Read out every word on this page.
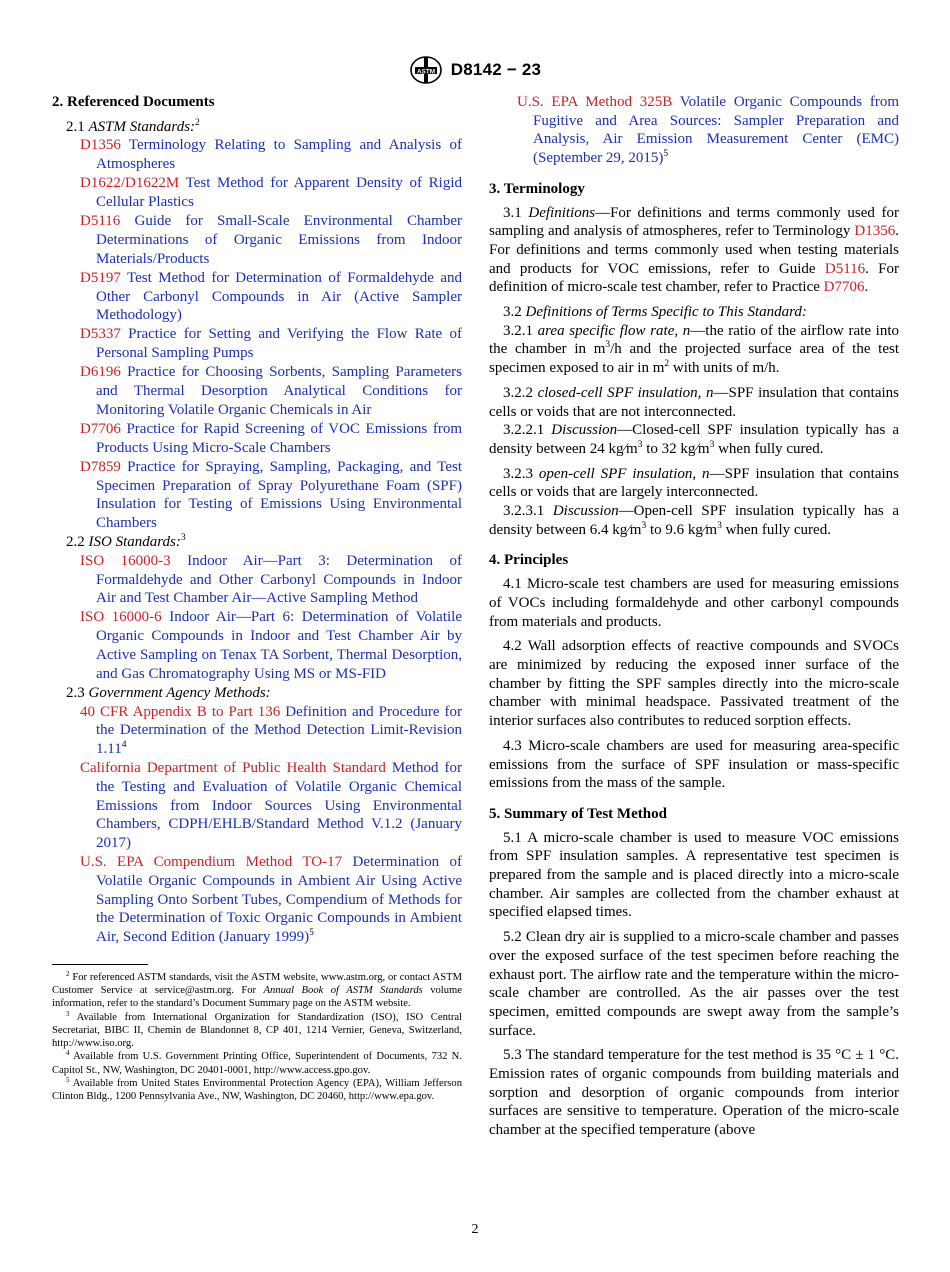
ASTM D8142 − 23
2. Referenced Documents
2.1 ASTM Standards:$^2$
D1356 Terminology Relating to Sampling and Analysis of Atmospheres
D1622/D1622M Test Method for Apparent Density of Rigid Cellular Plastics
D5116 Guide for Small-Scale Environmental Chamber Determinations of Organic Emissions from Indoor Materials/Products
D5197 Test Method for Determination of Formaldehyde and Other Carbonyl Compounds in Air (Active Sampler Methodology)
D5337 Practice for Setting and Verifying the Flow Rate of Personal Sampling Pumps
D6196 Practice for Choosing Sorbents, Sampling Parameters and Thermal Desorption Analytical Conditions for Monitoring Volatile Organic Chemicals in Air
D7706 Practice for Rapid Screening of VOC Emissions from Products Using Micro-Scale Chambers
D7859 Practice for Spraying, Sampling, Packaging, and Test Specimen Preparation of Spray Polyurethane Foam (SPF) Insulation for Testing of Emissions Using Environmental Chambers
2.2 ISO Standards:$^3$
ISO 16000-3 Indoor Air—Part 3: Determination of Formaldehyde and Other Carbonyl Compounds in Indoor Air and Test Chamber Air—Active Sampling Method
ISO 16000-6 Indoor Air—Part 6: Determination of Volatile Organic Compounds in Indoor and Test Chamber Air by Active Sampling on Tenax TA Sorbent, Thermal Desorption, and Gas Chromatography Using MS or MS-FID
2.3 Government Agency Methods:
40 CFR Appendix B to Part 136 Definition and Procedure for the Determination of the Method Detection Limit-Revision 1.11$^4$
California Department of Public Health Standard Method for the Testing and Evaluation of Volatile Organic Chemical Emissions from Indoor Sources Using Environmental Chambers, CDPH/EHLB/Standard Method V.1.2 (January 2017)
U.S. EPA Compendium Method TO-17 Determination of Volatile Organic Compounds in Ambient Air Using Active Sampling Onto Sorbent Tubes, Compendium of Methods for the Determination of Toxic Organic Compounds in Ambient Air, Second Edition (January 1999)$^5$

$^2$ For referenced ASTM standards, visit the ASTM website, www.astm.org, or contact ASTM Customer Service at service@astm.org. For Annual Book of ASTM Standards volume information, refer to the standard’s Document Summary page on the ASTM website.

$^3$ Available from International Organization for Standardization (ISO), ISO Central Secretariat, BIBC II, Chemin de Blandonnet 8, CP 401, 1214 Vernier, Geneva, Switzerland, http://www.iso.org.

$^4$ Available from U.S. Government Printing Office, Superintendent of Documents, 732 N. Capitol St., NW, Washington, DC 20401-0001, http://www.access.gpo.gov.

$^5$ Available from United States Environmental Protection Agency (EPA), William Jefferson Clinton Bldg., 1200 Pennsylvania Ave., NW, Washington, DC 20460, http://www.epa.gov.

U.S. EPA Method 325B Volatile Organic Compounds from Fugitive and Area Sources: Sampler Preparation and Analysis, Air Emission Measurement Center (EMC) (September 29, 2015)$^5$
3. Terminology

3.1 Definitions—For definitions and terms commonly used for sampling and analysis of atmospheres, refer to Terminology D1356. For definitions and terms commonly used when testing materials and products for VOC emissions, refer to Guide D5116. For definition of micro-scale test chamber, refer to Practice D7706.

3.2 Definitions of Terms Specific to This Standard:

3.2.1 area specific flow rate, n—the ratio of the airflow rate into the chamber in $m^3/h$ and the projected surface area of the test specimen exposed to air in $m^2$ with units of m/h.

3.2.2 closed-cell SPF insulation, n—SPF insulation that contains cells or voids that are not interconnected.

3.2.2.1 Discussion—Closed-cell SPF insulation typically has a density between 24 $kg⁄m^3$ to 32 $kg⁄m^3$ when fully cured.

3.2.3 open-cell SPF insulation, n—SPF insulation that contains cells or voids that are largely interconnected.

3.2.3.1 Discussion—Open-cell SPF insulation typically has a density between 6.4 $kg⁄m^3$ to 9.6 $kg⁄m^3$ when fully cured.

4. Principles

4.1 Micro-scale test chambers are used for measuring emissions of VOCs including formaldehyde and other carbonyl compounds from materials and products.

4.2 Wall adsorption effects of reactive compounds and SVOCs are minimized by reducing the exposed inner surface of the chamber by fitting the SPF samples directly into the micro-scale chamber with minimal headspace. Passivated treatment of the interior surfaces also contributes to reduced sorption effects.

4.3 Micro-scale chambers are used for measuring area-specific emissions from the surface of SPF insulation or mass-specific emissions from the mass of the sample.

5. Summary of Test Method

5.1 A micro-scale chamber is used to measure VOC emissions from SPF insulation samples. A representative test specimen is prepared from the sample and is placed directly into a micro-scale chamber. Air samples are collected from the chamber exhaust at specified elapsed times.

5.2 Clean dry air is supplied to a micro-scale chamber and passes over the exposed surface of the test specimen before reaching the exhaust port. The airflow rate and the temperature within the micro-scale chamber are controlled. As the air passes over the test specimen, emitted compounds are swept away from the sample’s surface.

5.3 The standard temperature for the test method is 35 °C ± 1 °C. Emission rates of organic compounds from building materials and sorption and desorption of organic compounds from interior surfaces are sensitive to temperature. Operation of the micro-scale chamber at the specified temperature (above

2
